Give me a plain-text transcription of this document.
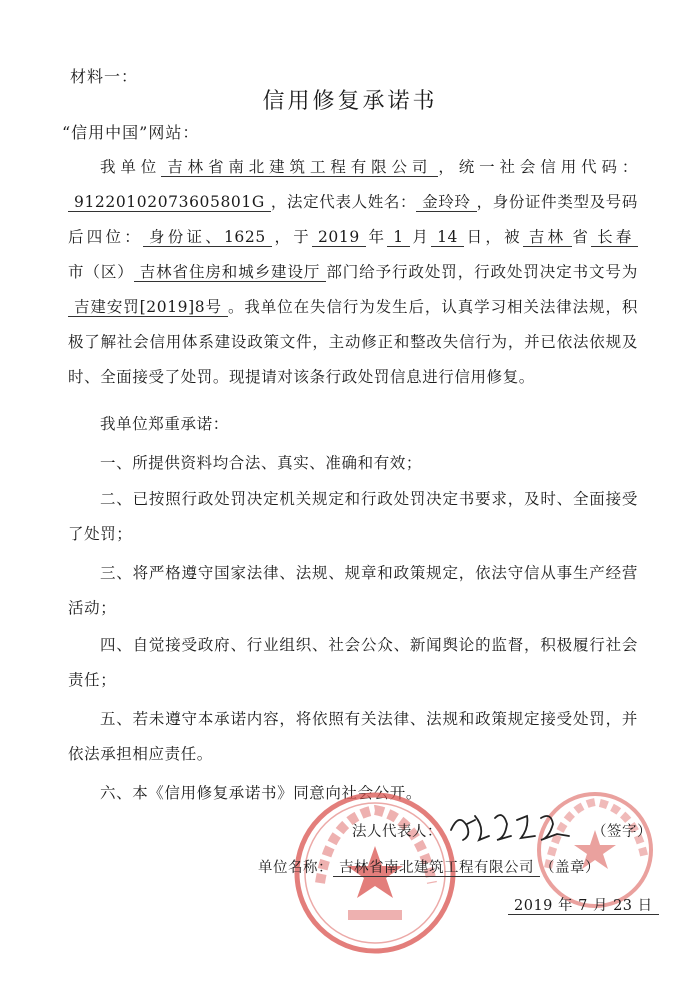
材料一：
信用修复承诺书
“信用中国”网站：
我单位 吉林省南北建筑工程有限公司 ，统一社会信用代码：91220102073605801G ，法定代表人姓名： 金玲玲 ，身份证件类型及号码后四位： 身份证、1625 ，于 2019 年 1 月 14 日，被 吉林 省 长春市（区） 吉林省住房和城乡建设厅 部门给予行政处罚，行政处罚决定书文号为吉建安罚[2019]8号 。我单位在失信行为发生后，认真学习相关法律法规，积极了解社会信用体系建设政策文件，主动修正和整改失信行为，并已依法依规及时、全面接受了处罚。现提请对该条行政处罚信息进行信用修复。
我单位郑重承诺：
一、所提供资料均合法、真实、准确和有效；
二、已按照行政处罚决定机关规定和行政处罚决定书要求，及时、全面接受了处罚；
三、将严格遵守国家法律、法规、规章和政策规定，依法守信从事生产经营活动；
四、自觉接受政府、行业组织、社会公众、新闻舆论的监督，积极履行社会责任；
五、若未遵守本承诺内容，将依照有关法律、法规和政策规定接受处罚，并依法承担相应责任。
六、本《信用修复承诺书》同意向社会公开。
法人代表人：	（签字）
单位名称： 吉林省南北建筑工程有限公司 （盖章）
2019 年 7 月 23 日
